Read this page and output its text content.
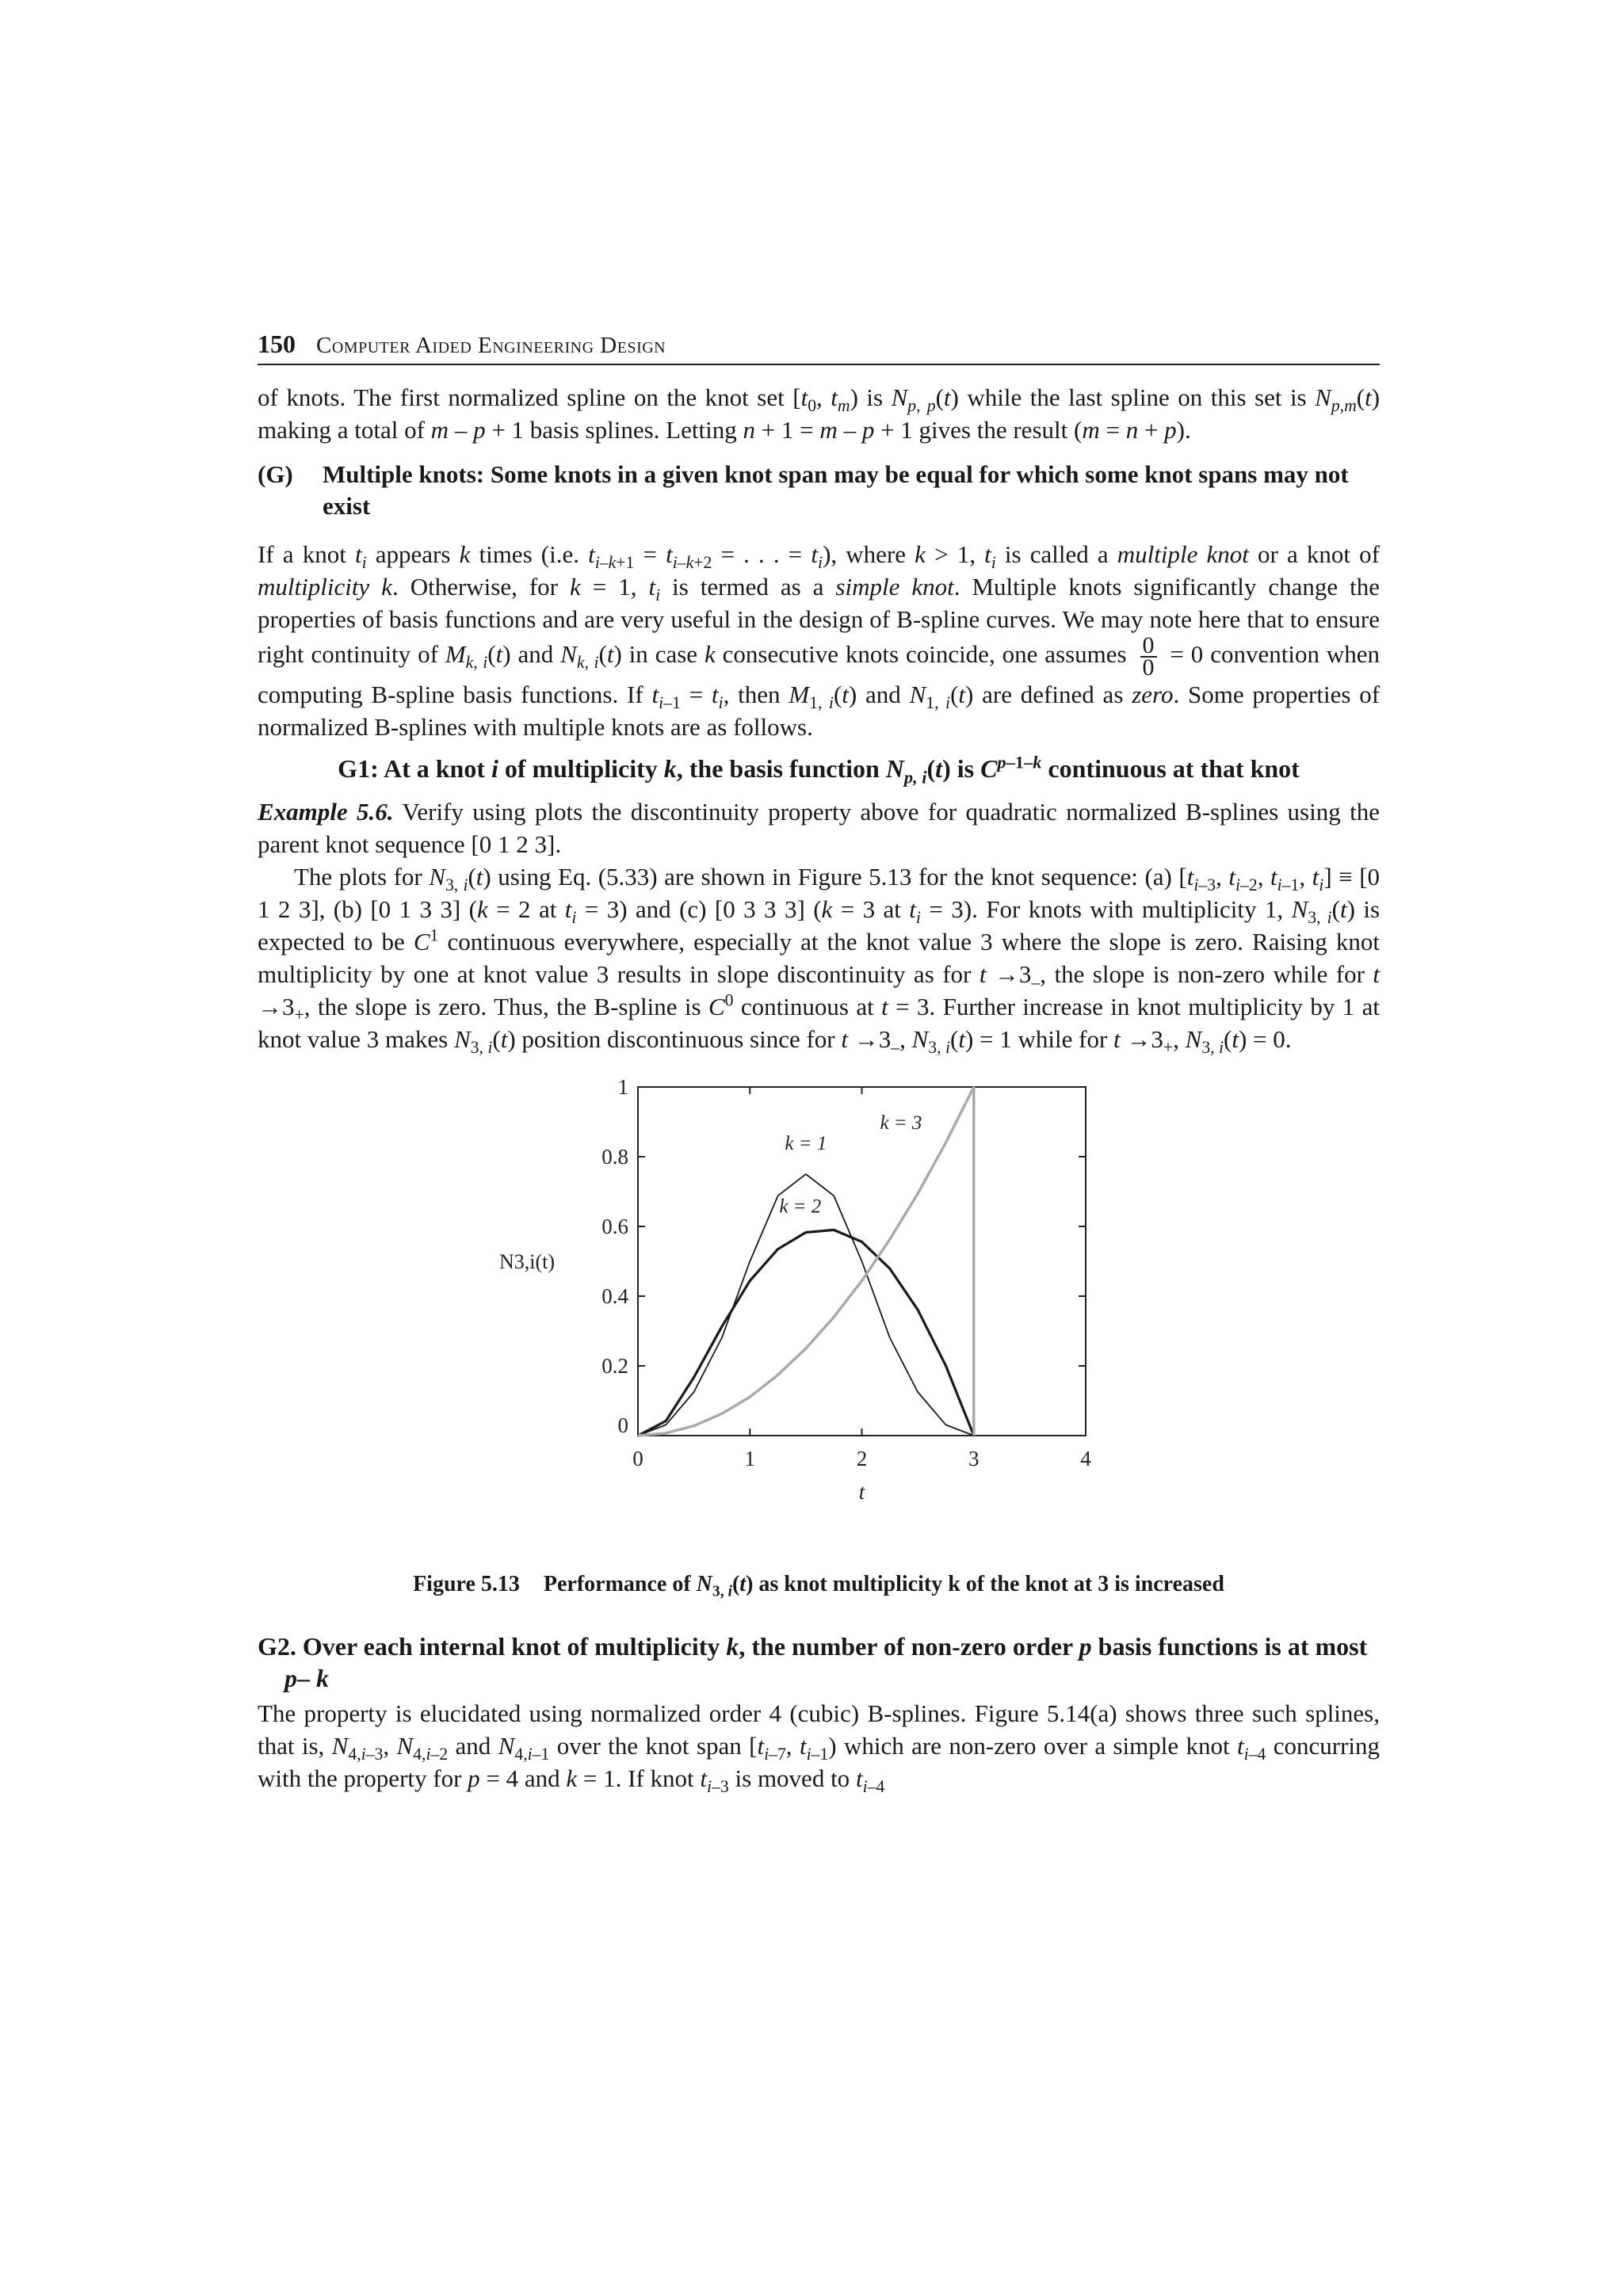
150 Computer Aided Engineering Design

of knots. The first normalized spline on the knot set [$t_0$, $t_m$) is $N_{p, p}(t)$ while the last spline on this set is $N_{p,m}(t)$ making a total of m – p + 1 basis splines. Letting n + 1 = m – p + 1 gives the result (m = n + p).

(G)	Multiple knots: Some knots in a given knot span may be equal for which some knot spans may not exist

If a knot $t_i$ appears k times (i.e. $t_{i-k+1} = t_{i-k+2}$ = . . . = $t_i$), where k > 1, $t_i$ is called a multiple knot or a knot of multiplicity k. Otherwise, for k = 1, $t_i$ is termed as a simple knot. Multiple knots significantly change the properties of basis functions and are very useful in the design of B-spline curves. We may note here that to ensure right continuity of $M_{k, i}(t)$ and $N_{k, i}(t)$ in case k consecutive knots coincide, one assumes $\frac{0}{0} = 0$ convention when computing B-spline basis functions. If $t_{i-1} = t_i$, then $M_{1, i}(t)$ and $N_{1, i}(t)$ are defined as zero. Some properties of normalized B-splines with multiple knots are as follows.

G1: At a knot i of multiplicity k, the basis function $N_{p, i}(t)$ is $C^{p-1-k}$ continuous at that knot

Example 5.6. Verify using plots the discontinuity property above for quadratic normalized B-splines using the parent knot sequence [0 1 2 3].

The plots for $N_{3, i}(t)$ using Eq. (5.33) are shown in Figure 5.13 for the knot sequence: (a) [$t_{i-3}$, $t_{i-2}$, $t_{i-1}$, $t_i] \equiv [0$ 1 2 3], (b) [0 1 3 3] (k = 2 at $t_i = 3$) and (c) [0 3 3 3] (k = 3 at $t_i = 3$). For knots with multiplicity 1, $N_{3, i}(t)$ is expected to be $C^1$ continuous everywhere, especially at the knot value 3 where the slope is zero. Raising knot multiplicity by one at knot value 3 results in slope discontinuity as for $t \to 3_-$, the slope is non-zero while for $t \to 3_+$, the slope is zero. Thus, the B-spline is $C^0$ continuous at t = 3. Further increase in knot multiplicity by 1 at knot value 3 makes $N_{3, i}(t)$ position discontinuous since for $t \to 3_-$, $N_{3, i}(t) = 1$ while for $t \to 3_+$, $N_{3, i}(t) = 0$.

0	1	2	3	4
0
0.2
0.4
0.6
0.8
1
t
N3,i(t)
k = 1
k = 2
k = 3
Figure 5.13 Performance of $N_{3, i}(t)$ as knot multiplicity k of the knot at 3 is increased
G2. Over each internal knot of multiplicity k, the number of non-zero order p basis functions is at most p– k

The property is elucidated using normalized order 4 (cubic) B-splines. Figure 5.14(a) shows three such splines, that is, $N_{4,i-3}$, $N_{4,i-2}$ and $N_{4,i-1}$ over the knot span [$t_{i-7}$, $t_{i-1}$) which are non-zero over a simple knot $t_{i-4}$ concurring with the property for p = 4 and k = 1. If knot $t_{i-3}$ is moved to $t_{i-4}$
